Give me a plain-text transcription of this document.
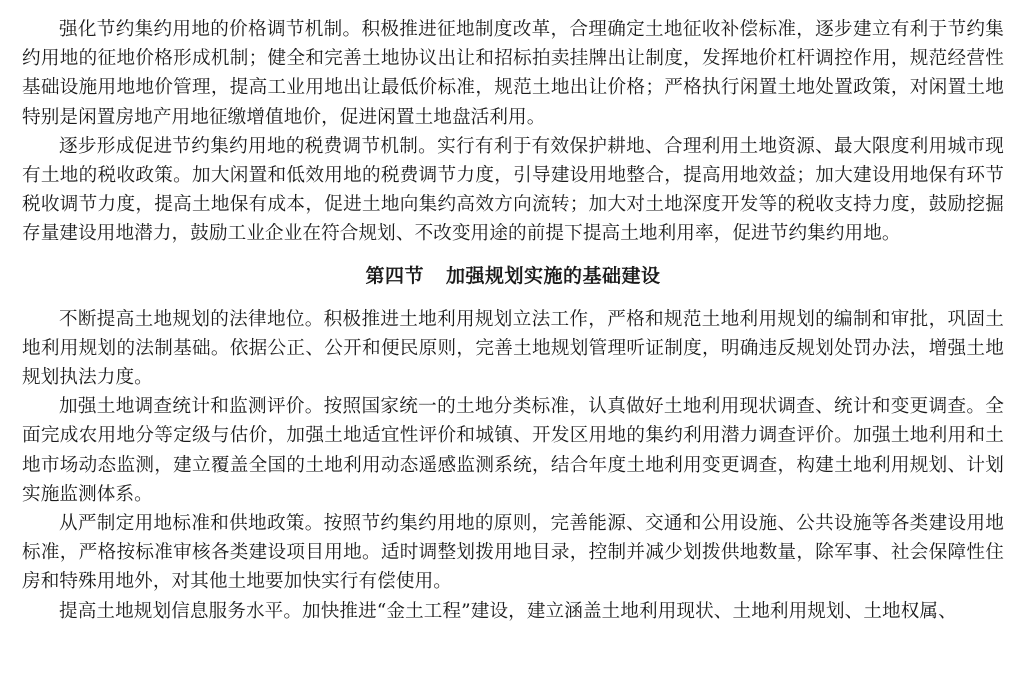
强化节约集约用地的价格调节机制。积极推进征地制度改革，合理确定土地征收补偿标准，逐步建立有利于节约集约用地的征地价格形成机制；健全和完善土地协议出让和招标拍卖挂牌出让制度，发挥地价杠杆调控作用，规范经营性基础设施用地地价管理，提高工业用地出让最低价标准，规范土地出让价格；严格执行闲置土地处置政策，对闲置土地特别是闲置房地产用地征缴增值地价，促进闲置土地盘活利用。

逐步形成促进节约集约用地的税费调节机制。实行有利于有效保护耕地、合理利用土地资源、最大限度利用城市现有土地的税收政策。加大闲置和低效用地的税费调节力度，引导建设用地整合，提高用地效益；加大建设用地保有环节税收调节力度，提高土地保有成本，促进土地向集约高效方向流转；加大对土地深度开发等的税收支持力度，鼓励挖掘存量建设用地潜力，鼓励工业企业在符合规划、不改变用途的前提下提高土地利用率，促进节约集约用地。

第四节 加强规划实施的基础建设

不断提高土地规划的法律地位。积极推进土地利用规划立法工作，严格和规范土地利用规划的编制和审批，巩固土地利用规划的法制基础。依据公正、公开和便民原则，完善土地规划管理听证制度，明确违反规划处罚办法，增强土地规划执法力度。

加强土地调查统计和监测评价。按照国家统一的土地分类标准，认真做好土地利用现状调查、统计和变更调查。全面完成农用地分等定级与估价，加强土地适宜性评价和城镇、开发区用地的集约利用潜力调查评价。加强土地利用和土地市场动态监测，建立覆盖全国的土地利用动态遥感监测系统，结合年度土地利用变更调查，构建土地利用规划、计划实施监测体系。

从严制定用地标准和供地政策。按照节约集约用地的原则，完善能源、交通和公用设施、公共设施等各类建设用地标准，严格按标准审核各类建设项目用地。适时调整划拨用地目录，控制并减少划拨供地数量，除军事、社会保障性住房和特殊用地外，对其他土地要加快实行有偿使用。

提高土地规划信息服务水平。加快推进“金土工程”建设，建立涵盖土地利用现状、土地利用规划、土地权属、
